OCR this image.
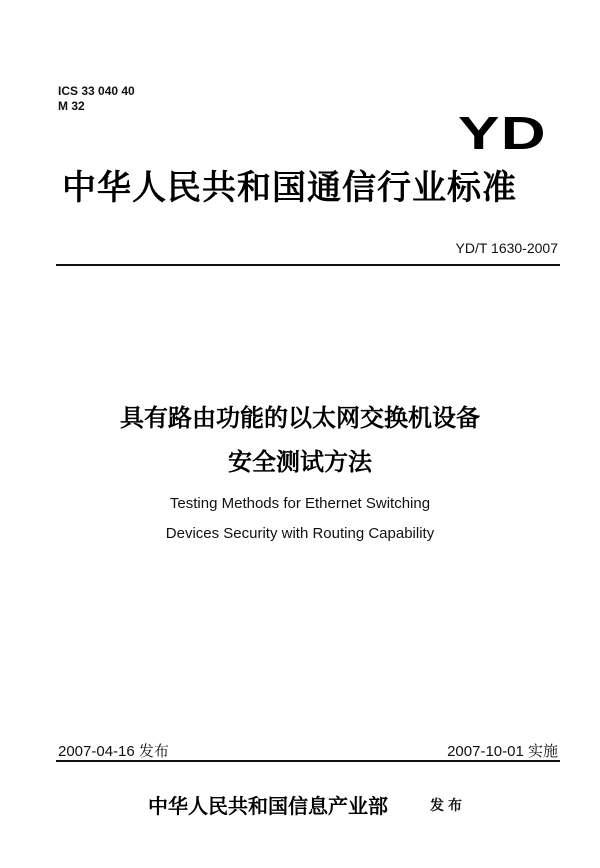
ICS 33 040 40
M 32
YD
中华人民共和国通信行业标准
YD/T 1630-2007
具有路由功能的以太网交换机设备
安全测试方法
Testing Methods for Ethernet Switching
Devices Security with Routing Capability
2007-04-16 发布	2007-10-01 实施
中华人民共和国信息产业部	发布
